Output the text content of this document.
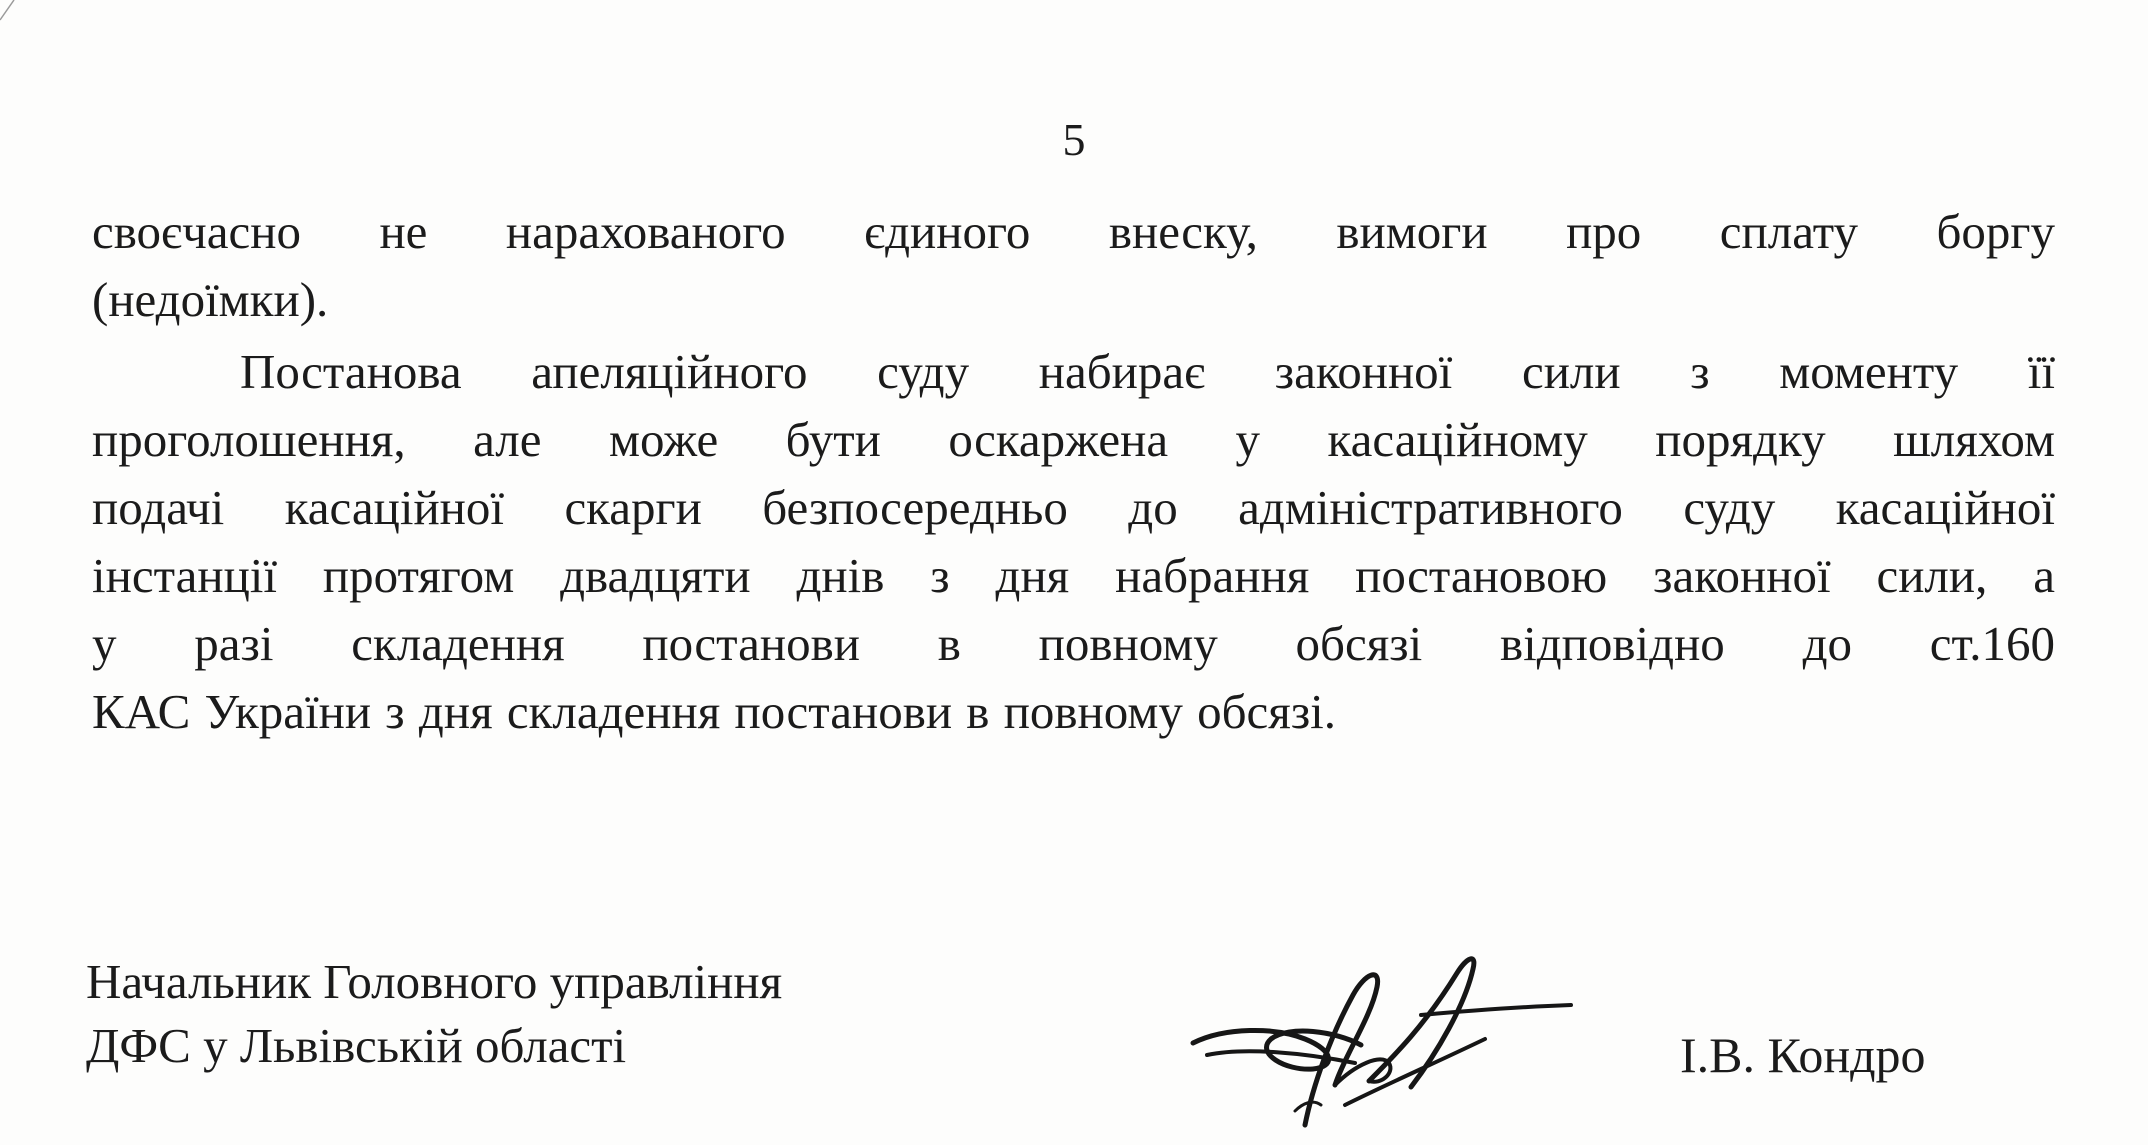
5

своєчасно не нарахованого єдиного внеску, вимоги про сплату боргу
(недоїмки).

Постанова апеляційного суду набирає законної сили з моменту її
проголошення, але може бути оскаржена у касаційному порядку шляхом
подачі касаційної скарги безпосередньо до адміністративного суду касаційної
інстанції протягом двадцяти днів з дня набрання постановою законної сили, а
у разі складення постанови в повному обсязі відповідно до ст.160
КАС України з дня складення постанови в повному обсязі.

Начальник Головного управління
ДФС у Львівській області	І.В. Кондро
